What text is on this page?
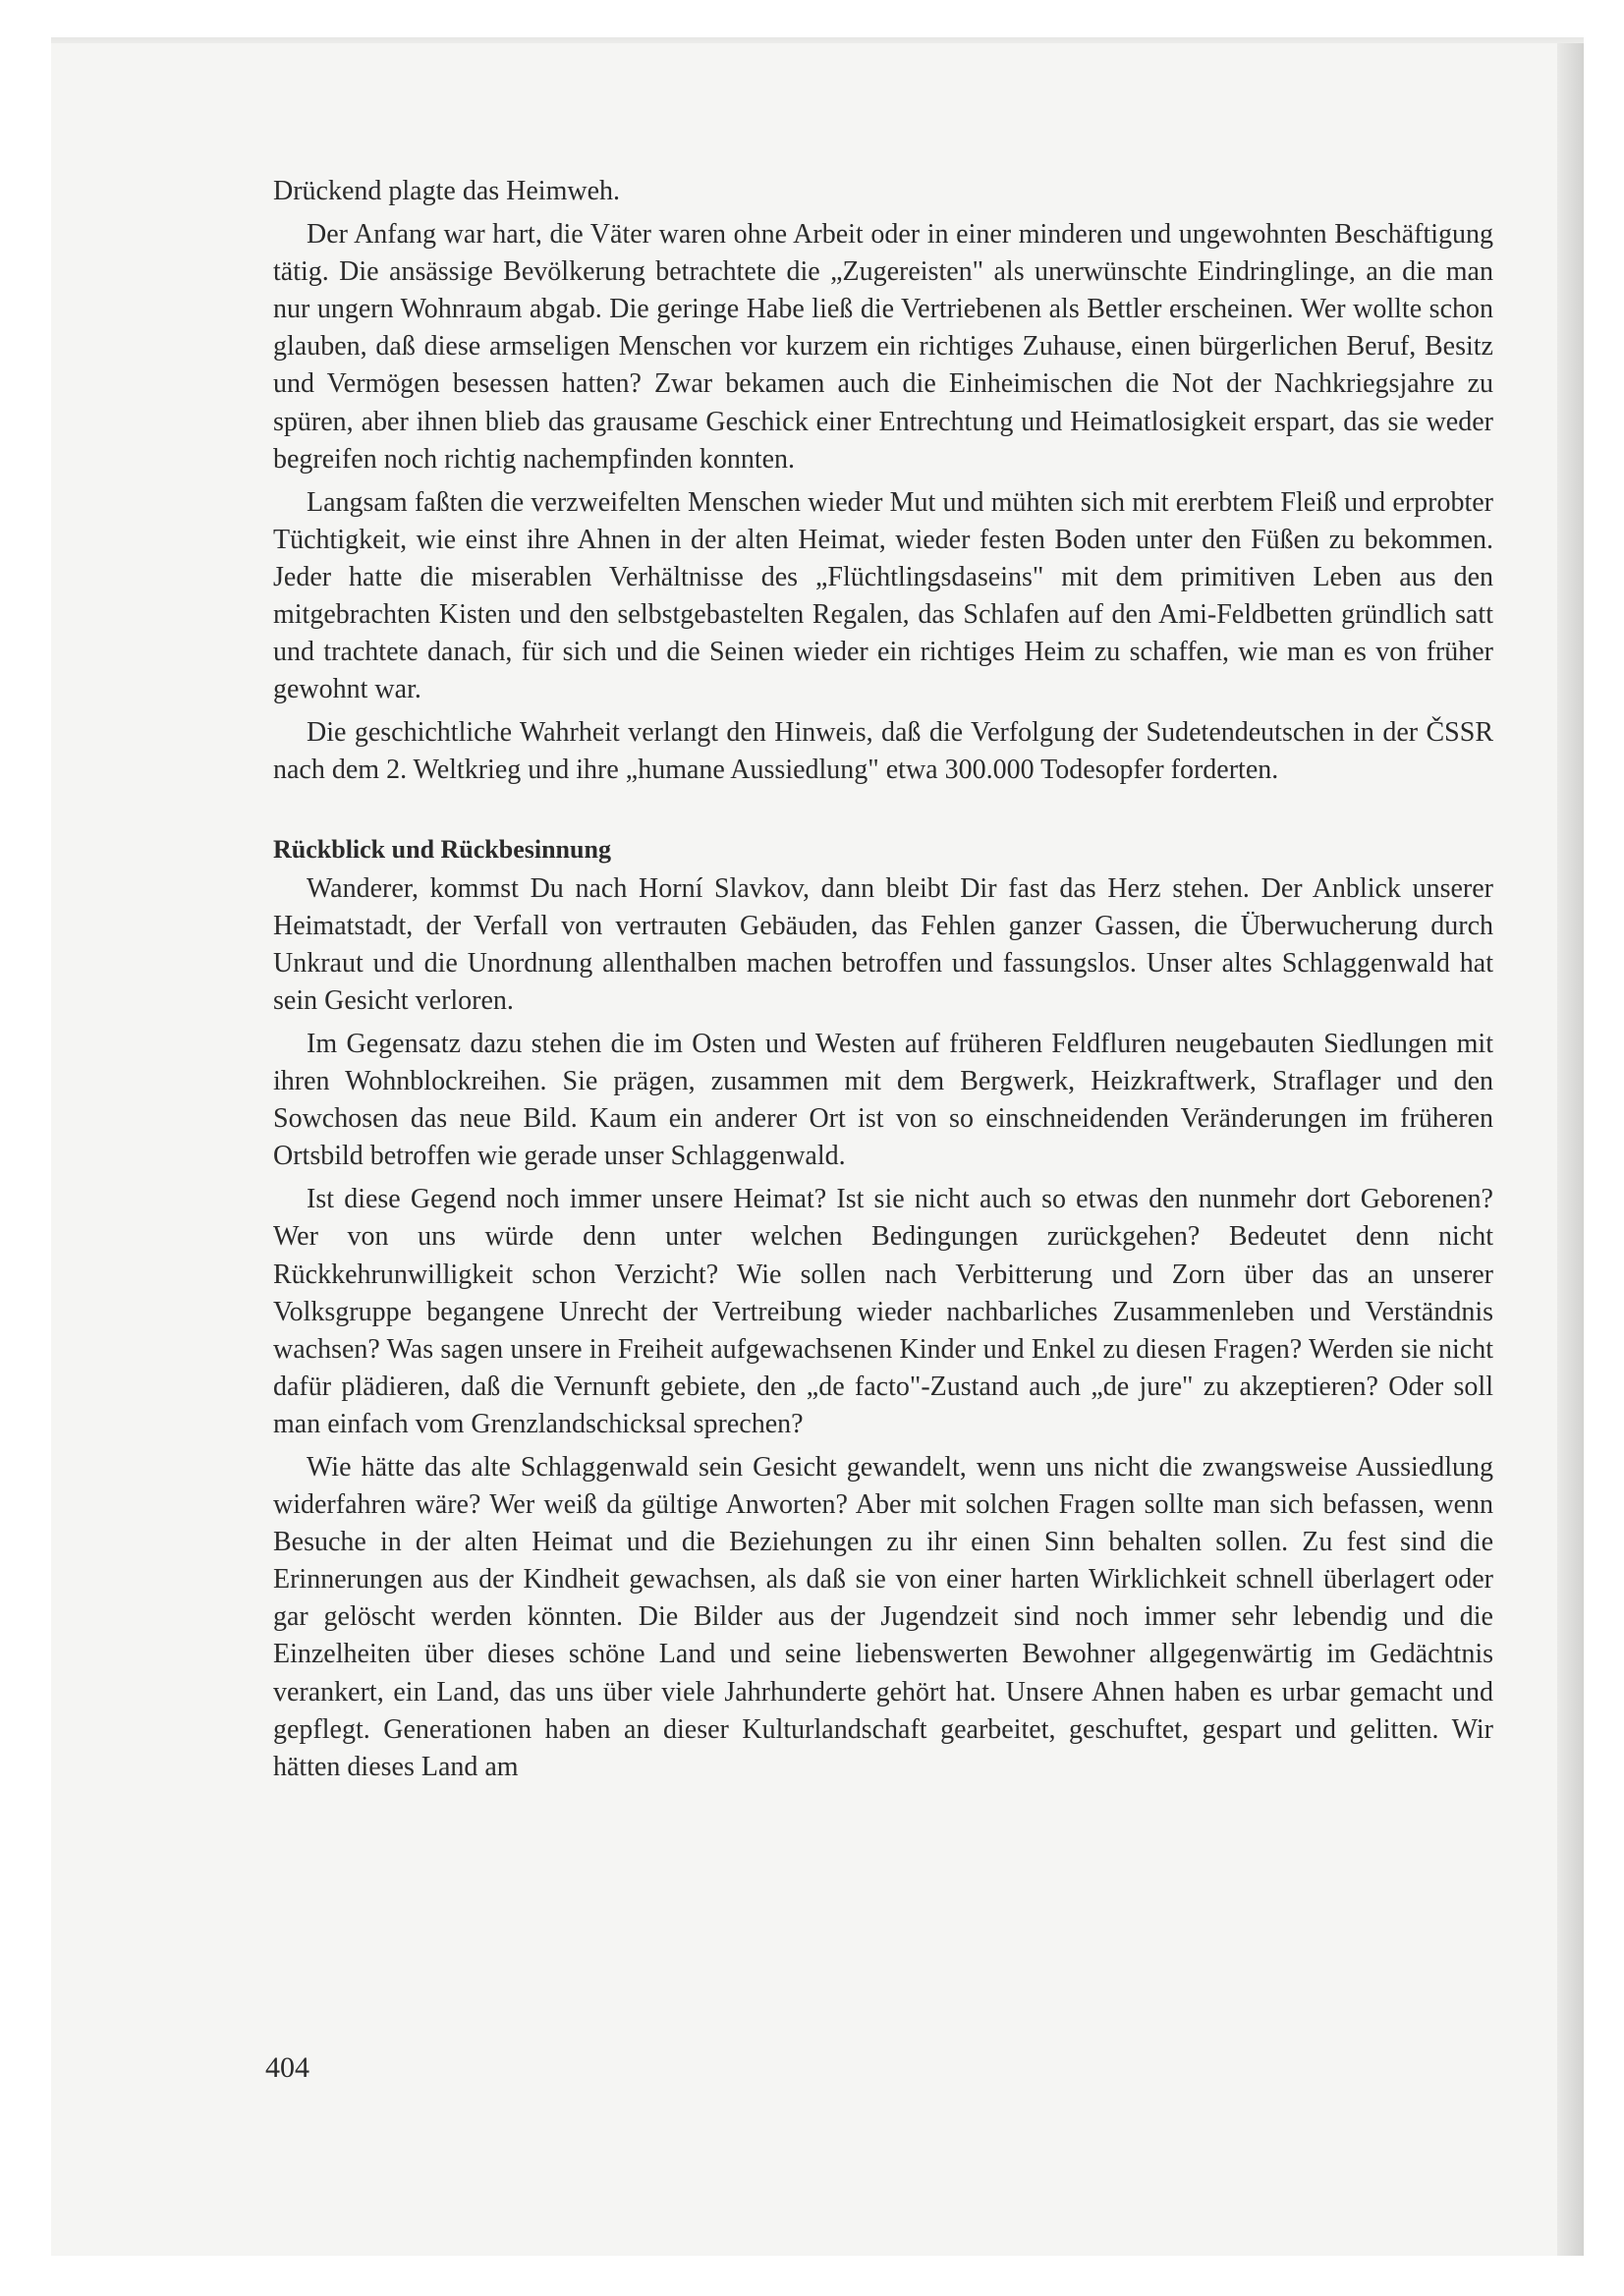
Drückend plagte das Heimweh.

Der Anfang war hart, die Väter waren ohne Arbeit oder in einer minderen und ungewohnten Beschäftigung tätig. Die ansässige Bevölkerung betrachtete die „Zugereisten" als unerwünschte Eindringlinge, an die man nur ungern Wohnraum abgab. Die geringe Habe ließ die Vertriebenen als Bettler erscheinen. Wer wollte schon glauben, daß diese armseligen Menschen vor kurzem ein richtiges Zuhause, einen bürgerlichen Beruf, Besitz und Vermögen besessen hatten? Zwar bekamen auch die Einheimischen die Not der Nachkriegsjahre zu spüren, aber ihnen blieb das grausame Geschick einer Entrechtung und Heimatlosigkeit erspart, das sie weder begreifen noch richtig nachempfinden konnten.

Langsam faßten die verzweifelten Menschen wieder Mut und mühten sich mit ererbtem Fleiß und erprobter Tüchtigkeit, wie einst ihre Ahnen in der alten Heimat, wieder festen Boden unter den Füßen zu bekommen. Jeder hatte die miserablen Verhältnisse des „Flüchtlingsdaseins" mit dem primitiven Leben aus den mitgebrachten Kisten und den selbstgebastelten Regalen, das Schlafen auf den Ami-Feldbetten gründlich satt und trachtete danach, für sich und die Seinen wieder ein richtiges Heim zu schaffen, wie man es von früher gewohnt war.

Die geschichtliche Wahrheit verlangt den Hinweis, daß die Verfolgung der Sudetendeutschen in der ČSSR nach dem 2. Weltkrieg und ihre „humane Aussiedlung" etwa 300.000 Todesopfer forderten.

Rückblick und Rückbesinnung

Wanderer, kommst Du nach Horní Slavkov, dann bleibt Dir fast das Herz stehen. Der Anblick unserer Heimatstadt, der Verfall von vertrauten Gebäuden, das Fehlen ganzer Gassen, die Überwucherung durch Unkraut und die Unordnung allenthalben machen betroffen und fassungslos. Unser altes Schlaggenwald hat sein Gesicht verloren.

Im Gegensatz dazu stehen die im Osten und Westen auf früheren Feldfluren neugebauten Siedlungen mit ihren Wohnblockreihen. Sie prägen, zusammen mit dem Bergwerk, Heizkraftwerk, Straflager und den Sowchosen das neue Bild. Kaum ein anderer Ort ist von so einschneidenden Veränderungen im früheren Ortsbild betroffen wie gerade unser Schlaggenwald.

Ist diese Gegend noch immer unsere Heimat? Ist sie nicht auch so etwas den nunmehr dort Geborenen? Wer von uns würde denn unter welchen Bedingungen zurückgehen? Bedeutet denn nicht Rückkehrunwilligkeit schon Verzicht? Wie sollen nach Verbitterung und Zorn über das an unserer Volksgruppe begangene Unrecht der Vertreibung wieder nachbarliches Zusammenleben und Verständnis wachsen? Was sagen unsere in Freiheit aufgewachsenen Kinder und Enkel zu diesen Fragen? Werden sie nicht dafür plädieren, daß die Vernunft gebiete, den „de facto"-Zustand auch „de jure" zu akzeptieren? Oder soll man einfach vom Grenzlandschicksal sprechen?

Wie hätte das alte Schlaggenwald sein Gesicht gewandelt, wenn uns nicht die zwangsweise Aussiedlung widerfahren wäre? Wer weiß da gültige Anworten? Aber mit solchen Fragen sollte man sich befassen, wenn Besuche in der alten Heimat und die Beziehungen zu ihr einen Sinn behalten sollen. Zu fest sind die Erinnerungen aus der Kindheit gewachsen, als daß sie von einer harten Wirklichkeit schnell überlagert oder gar gelöscht werden könnten. Die Bilder aus der Jugendzeit sind noch immer sehr lebendig und die Einzelheiten über dieses schöne Land und seine liebenswerten Bewohner allgegenwärtig im Gedächtnis verankert, ein Land, das uns über viele Jahrhunderte gehört hat. Unsere Ahnen haben es urbar gemacht und gepflegt. Generationen haben an dieser Kulturlandschaft gearbeitet, geschuftet, gespart und gelitten. Wir hätten dieses Land am

404
